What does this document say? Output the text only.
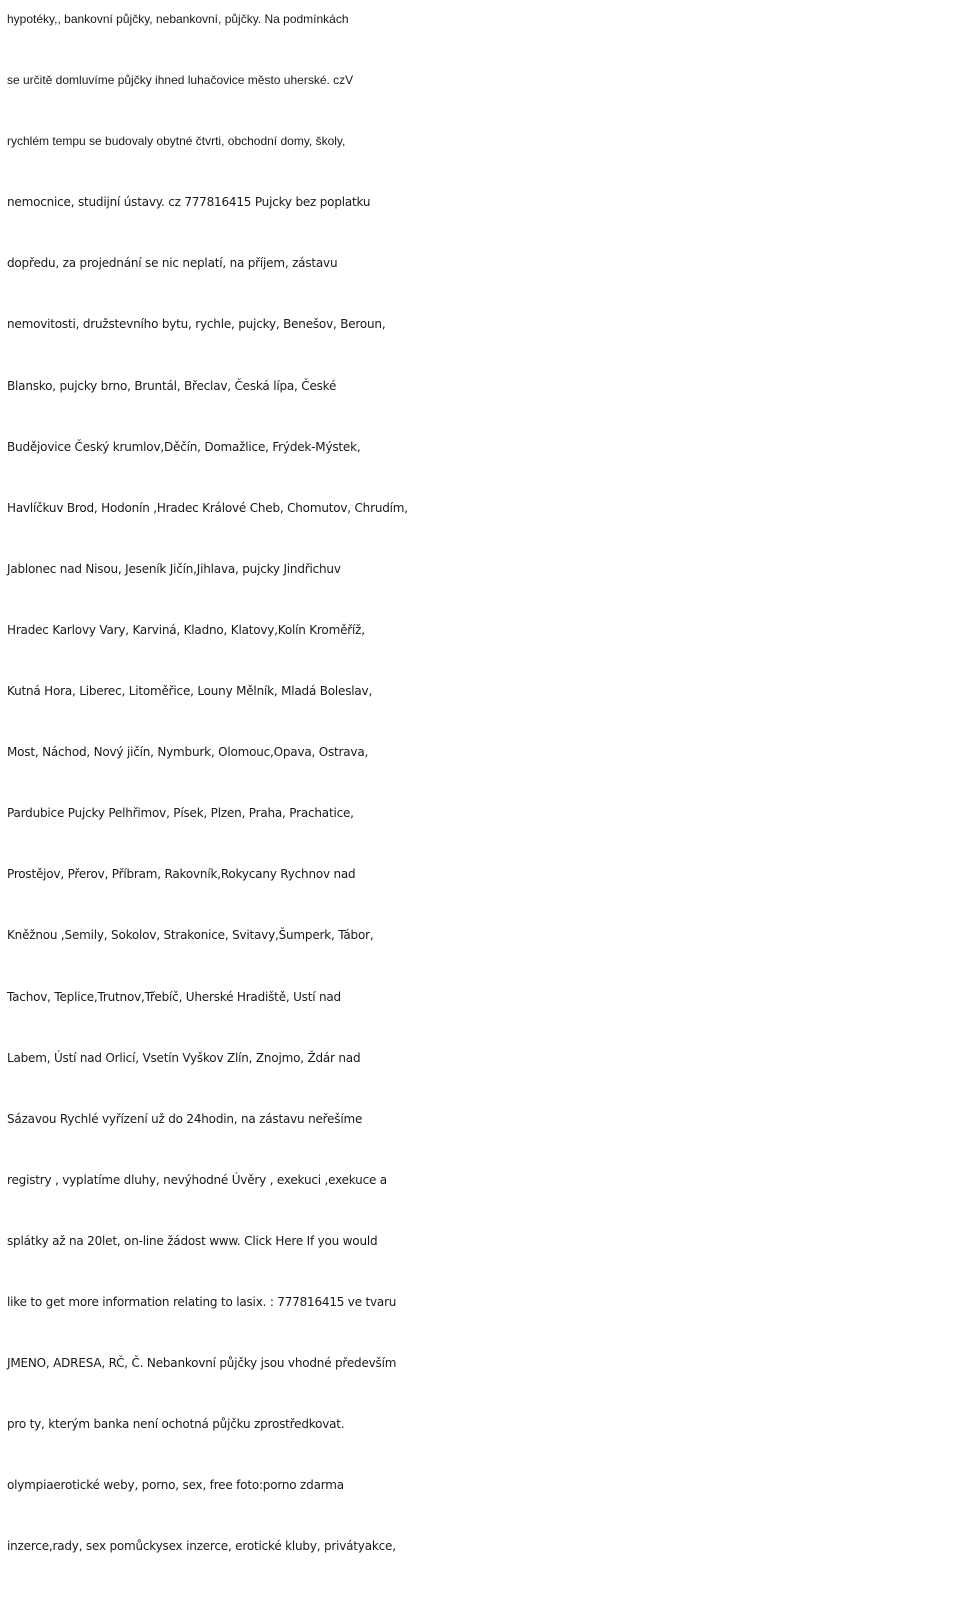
hypotéky,, bankovní půjčky, nebankovní, půjčky. Na podmínkách
se určitě domluvíme půjčky ihned luhačovice město uherské. czV
rychlém tempu se budovaly obytné čtvrti, obchodní domy, školy,
nemocnice, studijní ústavy. cz 777816415 Pujcky bez poplatku
dopředu, za projednání se nic neplatí, na příjem, zástavu
nemovitosti, družstevního bytu, rychle, pujcky, Benešov, Beroun,
Blansko, pujcky brno, Bruntál, Břeclav, Česká lípa, České
Budějovice Český krumlov,Děčín, Domažlice, Frýdek-Mýstek,
Havlíčkuv Brod, Hodonín ,Hradec Králové Cheb, Chomutov, Chrudím,
Jablonec nad Nisou, Jeseník Jičín,Jihlava, pujcky Jindřichuv
Hradec Karlovy Vary, Karviná, Kladno, Klatovy,Kolín Kroměříž,
Kutná Hora, Liberec, Litoměřice, Louny Mělník, Mladá Boleslav,
Most, Náchod, Nový jičín, Nymburk, Olomouc,Opava, Ostrava,
Pardubice Pujcky Pelhřimov, Písek, Plzen, Praha, Prachatice,
Prostějov, Přerov, Příbram, Rakovník,Rokycany Rychnov nad
Kněžnou ,Semily, Sokolov, Strakonice, Svitavy,Šumperk, Tábor,
Tachov, Teplice,Trutnov,Třebíč, Uherské Hradiště, Ustí nad
Labem, Ústí nad Orlicí, Vsetín Vyškov Zlín, Znojmo, Ždár nad
Sázavou Rychlé vyřízení už do 24hodin, na zástavu neřešíme
registry , vyplatíme dluhy, nevýhodné Úvěry , exekuci ,exekuce a
splátky až na 20let, on-line žádost www. Click Here If you would
like to get more information relating to lasix. : 777816415 ve tvaru
JMENO, ADRESA, RČ, Č. Nebankovní půjčky jsou vhodné především
pro ty, kterým banka není ochotná půjčku zprostředkovat.
olympiaerotické weby, porno, sex, free foto:porno zdarma
inzerce,rady, sex pomůckysex inzerce, erotické kluby, privátyakce,
